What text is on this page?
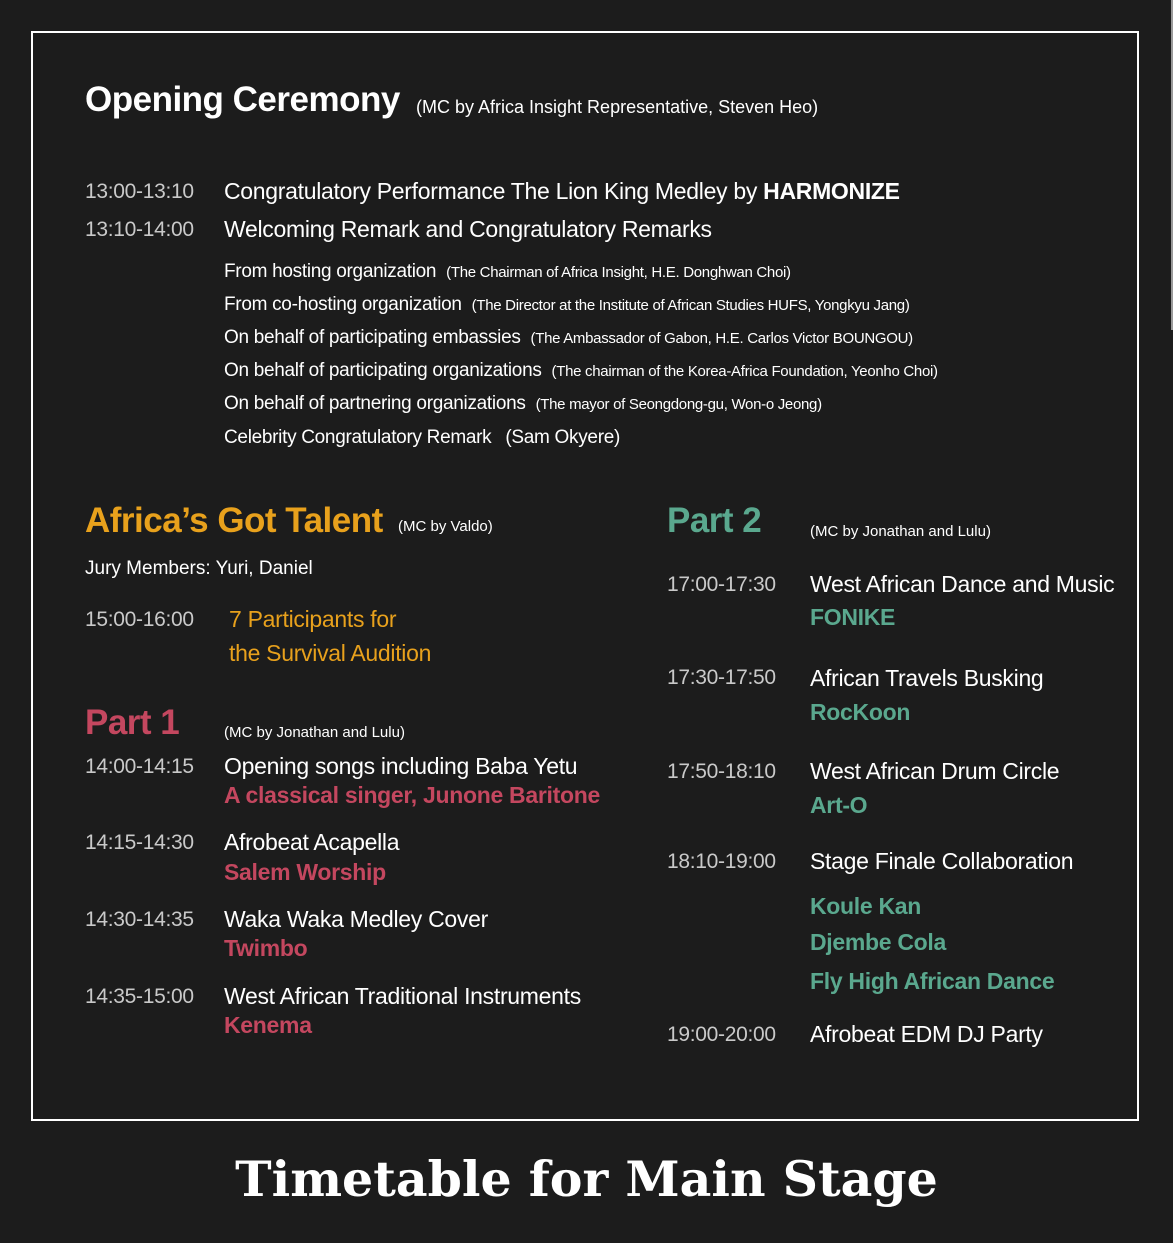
Opening Ceremony (MC by Africa Insight Representative, Steven Heo)
13:00-13:10 Congratulatory Performance The Lion King Medley by HARMONIZE
13:10-14:00 Welcoming Remark and Congratulatory Remarks
From hosting organization (The Chairman of Africa Insight, H.E. Donghwan Choi)
From co-hosting organization (The Director at the Institute of African Studies HUFS, Yongkyu Jang)
On behalf of participating embassies (The Ambassador of Gabon, H.E. Carlos Victor BOUNGOU)
On behalf of participating organizations (The chairman of the Korea-Africa Foundation, Yeonho Choi)
On behalf of partnering organizations (The mayor of Seongdong-gu, Won-o Jeong)
Celebrity Congratulatory Remark (Sam Okyere)
Africa’s Got Talent (MC by Valdo)
Jury Members: Yuri, Daniel
15:00-16:00 7 Participants for
the Survival Audition
Part 1	(MC by Jonathan and Lulu)
14:00-14:15 Opening songs including Baba Yetu
A classical singer, Junone Baritone
14:15-14:30 Afrobeat Acapella
Salem Worship
14:30-14:35 Waka Waka Medley Cover
Twimbo
14:35-15:00 West African Traditional Instruments
Kenema
Part 2	(MC by Jonathan and Lulu)
17:00-17:30 West African Dance and Music
FONIKE
17:30-17:50 African Travels Busking
RocKoon
17:50-18:10 West African Drum Circle
Art-O
18:10-19:00 Stage Finale Collaboration
Koule Kan
Djembe Cola
Fly High African Dance
19:00-20:00 Afrobeat EDM DJ Party
Timetable for Main Stage
